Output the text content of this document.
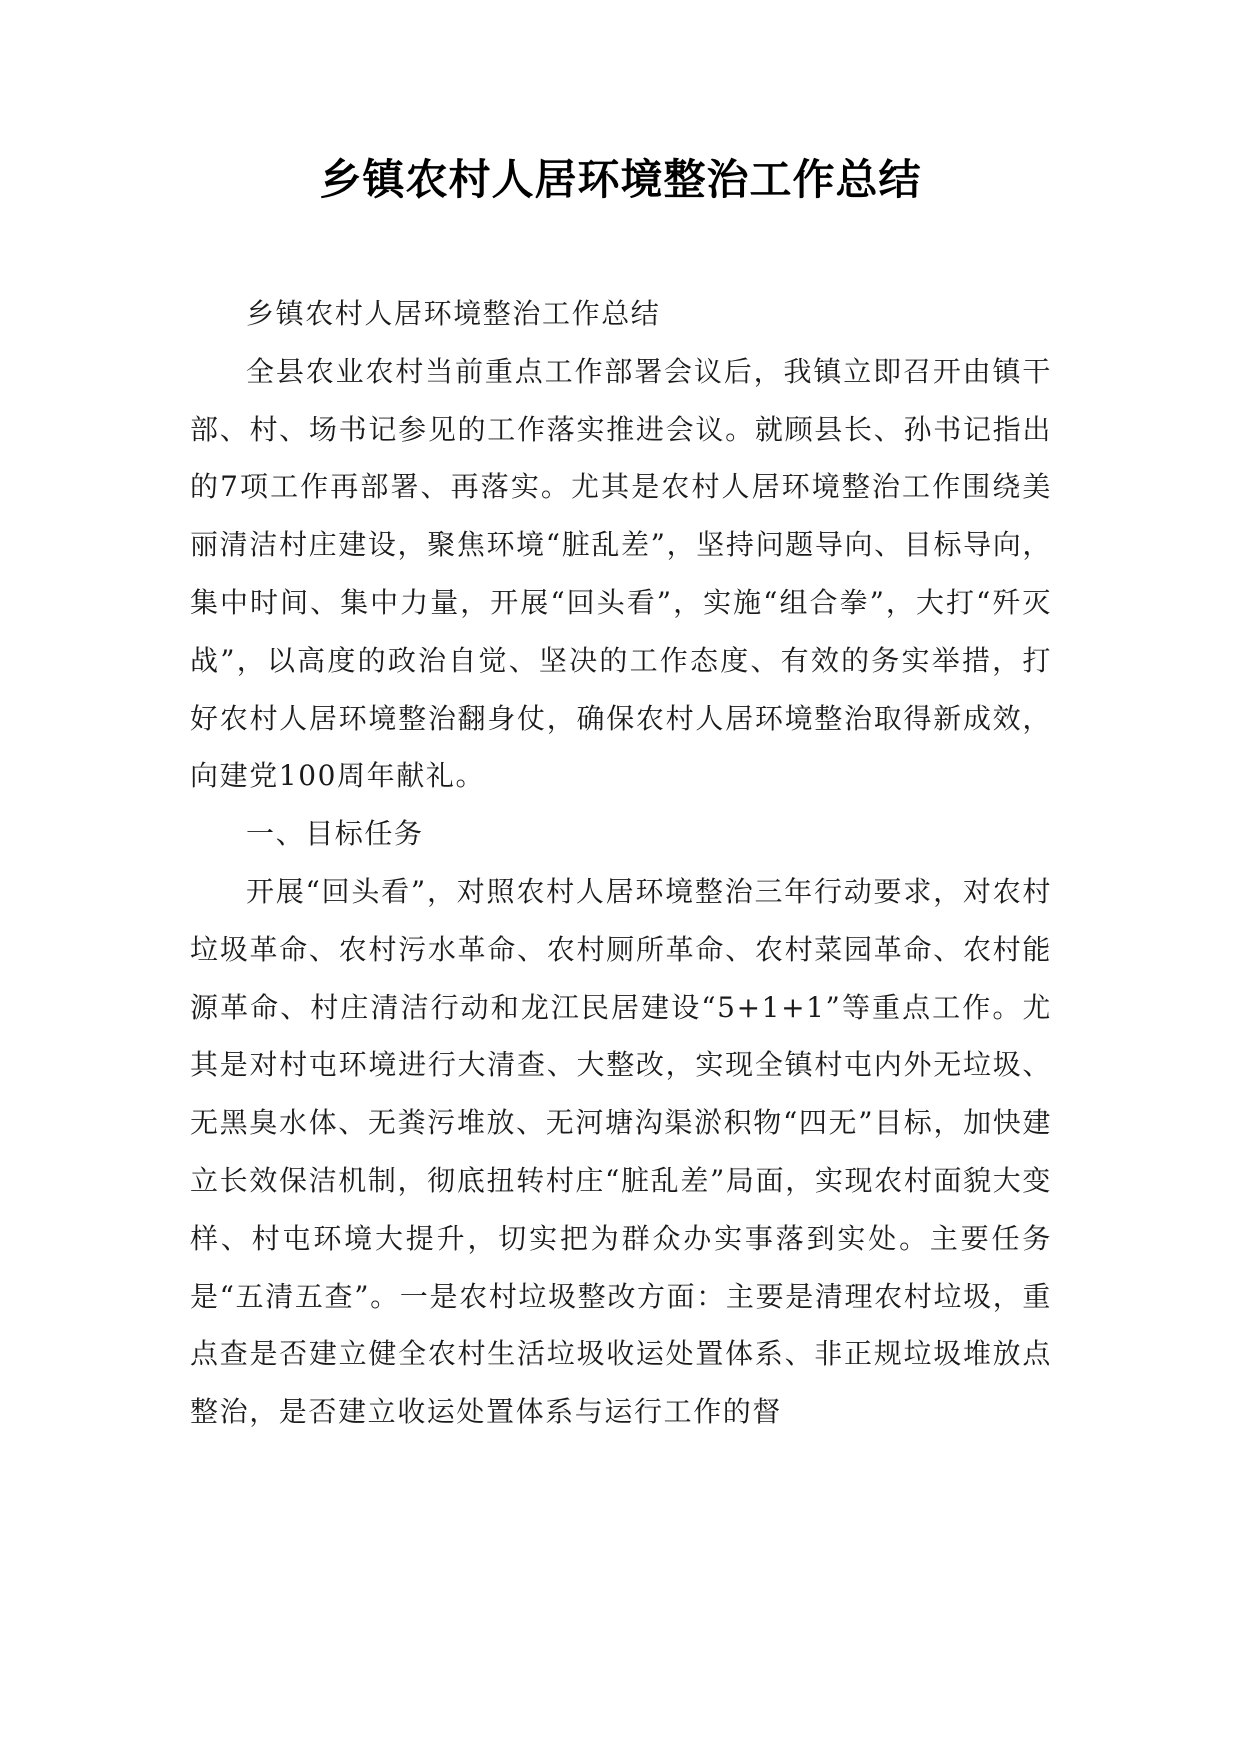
乡镇农村人居环境整治工作总结

乡镇农村人居环境整治工作总结

全县农业农村当前重点工作部署会议后，我镇立即召开由镇干部、村、场书记参见的工作落实推进会议。就顾县长、孙书记指出的7项工作再部署、再落实。尤其是农村人居环境整治工作围绕美丽清洁村庄建设，聚焦环境“脏乱差”，坚持问题导向、目标导向，集中时间、集中力量，开展“回头看”，实施“组合拳”，大打“歼灭战”，以高度的政治自觉、坚决的工作态度、有效的务实举措，打好农村人居环境整治翻身仗，确保农村人居环境整治取得新成效，向建党100周年献礼。

一、目标任务

开展“回头看”，对照农村人居环境整治三年行动要求，对农村垃圾革命、农村污水革命、农村厕所革命、农村菜园革命、农村能源革命、村庄清洁行动和龙江民居建设“5+1+1”等重点工作。尤其是对村屯环境进行大清查、大整改，实现全镇村屯内外无垃圾、无黑臭水体、无粪污堆放、无河塘沟渠淤积物“四无”目标，加快建立长效保洁机制，彻底扭转村庄“脏乱差”局面，实现农村面貌大变样、村屯环境大提升，切实把为群众办实事落到实处。主要任务是“五清五查”。一是农村垃圾整改方面：主要是清理农村垃圾，重点查是否建立健全农村生活垃圾收运处置体系、非正规垃圾堆放点整治，是否建立收运处置体系与运行工作的督
